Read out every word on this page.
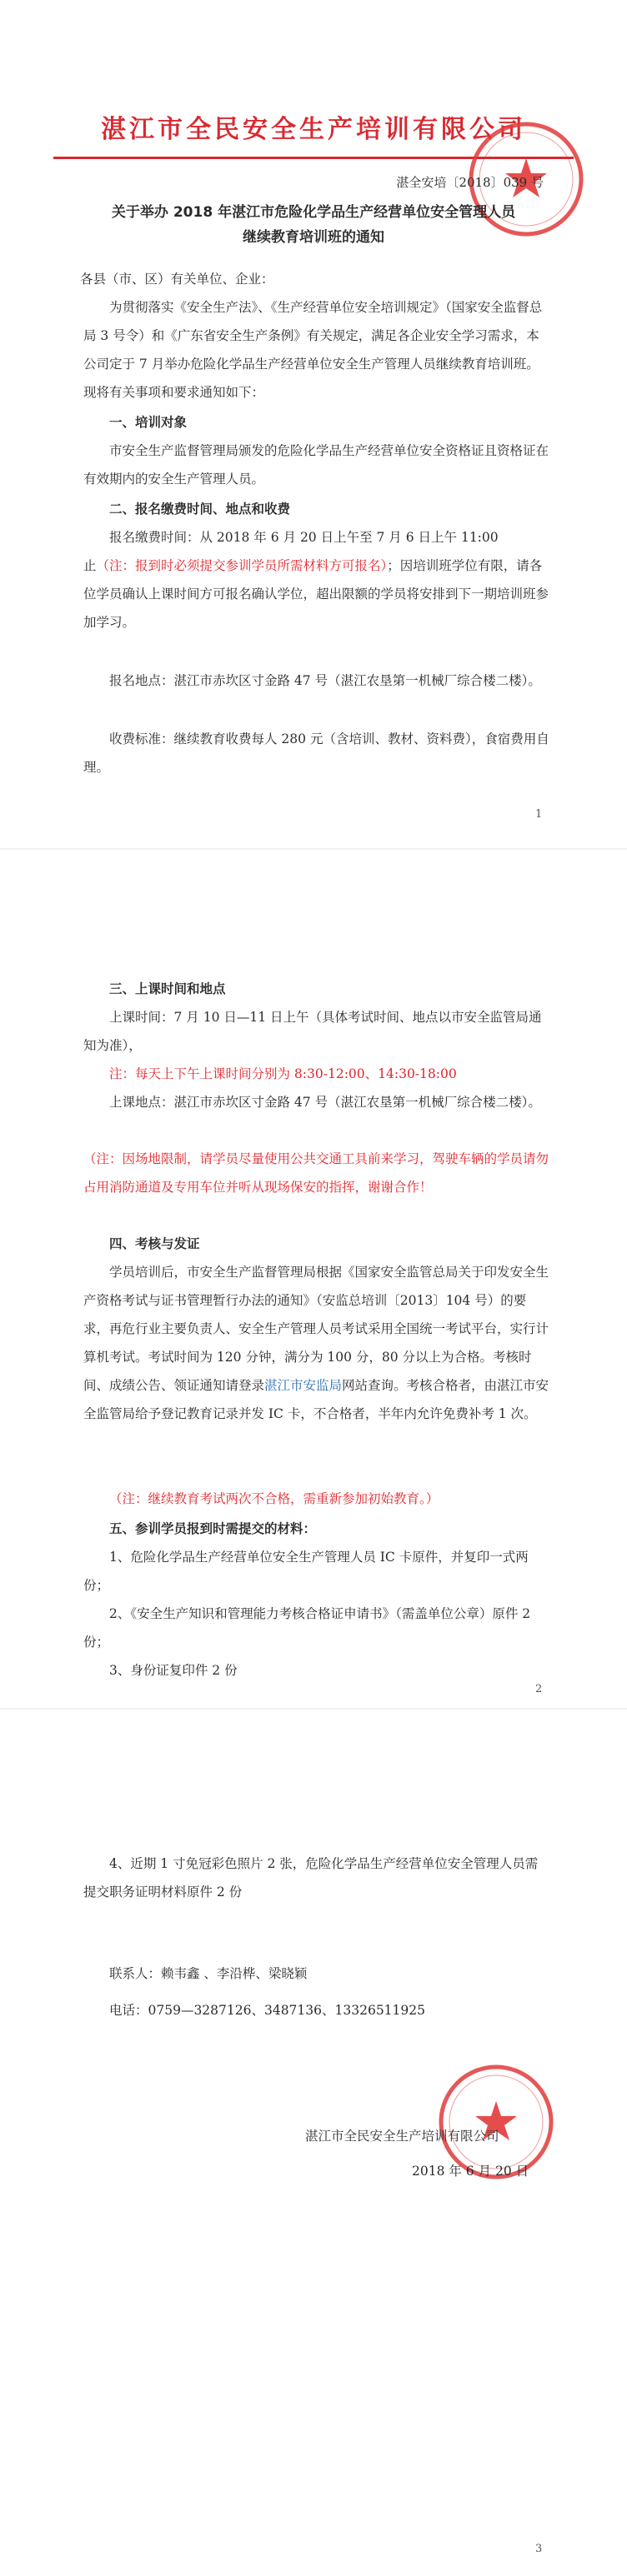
湛江市全民安全生产培训有限公司
湛全安培〔2018〕039 号
关于举办 2018 年湛江市危险化学品生产经营单位安全管理人员
继续教育培训班的通知
各县（市、区）有关单位、企业：
为贯彻落实《安全生产法》、《生产经营单位安全培训规定》（国家安全监督总局 3 号令）和《广东省安全生产条例》有关规定，满足各企业安全学习需求，本公司定于 7 月举办危险化学品生产经营单位安全生产管理人员继续教育培训班。现将有关事项和要求通知如下：
一、培训对象
市安全生产监督管理局颁发的危险化学品生产经营单位安全资格证且资格证在有效期内的安全生产管理人员。
二、报名缴费时间、地点和收费
报名缴费时间：从 2018 年 6 月 20 日上午至 7 月 6 日上午 11:00
止（注：报到时必须提交参训学员所需材料方可报名）；因培训班学位有限，请各位学员确认上课时间方可报名确认学位，超出限额的学员将安排到下一期培训班参加学习。
报名地点：湛江市赤坎区寸金路 47 号（湛江农垦第一机械厂综合楼二楼）。
收费标准：继续教育收费每人 280 元（含培训、教材、资料费），食宿费用自理。
1
三、上课时间和地点
上课时间：7 月 10 日—11 日上午（具体考试时间、地点以市安全监管局通知为准），
注：每天上下午上课时间分别为 8:30-12:00、14:30-18:00
上课地点：湛江市赤坎区寸金路 47 号（湛江农垦第一机械厂综合楼二楼）。
（注：因场地限制，请学员尽量使用公共交通工具前来学习，驾驶车辆的学员请勿占用消防通道及专用车位并听从现场保安的指挥，谢谢合作！
四、考核与发证
学员培训后，市安全生产监督管理局根据《国家安全监管总局关于印发安全生产资格考试与证书管理暂行办法的通知》（安监总培训〔2013〕104 号）的要求，再危行业主要负责人、安全生产管理人员考试采用全国统一考试平台，实行计算机考试。考试时间为 120 分钟，满分为 100 分，80 分以上为合格。考核时间、成绩公告、领证通知请登录湛江市安监局网站查询。考核合格者，由湛江市安全监管局给予登记教育记录并发 IC 卡，不合格者，半年内允许免费补考 1 次。
（注：继续教育考试两次不合格，需重新参加初始教育。）
五、参训学员报到时需提交的材料：
1、危险化学品生产经营单位安全生产管理人员 IC 卡原件，并复印一式两份；
2、《安全生产知识和管理能力考核合格证申请书》（需盖单位公章）原件 2 份；
3、身份证复印件 2 份
2
4、近期 1 寸免冠彩色照片 2 张，危险化学品生产经营单位安全管理人员需提交职务证明材料原件 2 份
联系人：赖韦鑫 、李沿桦、梁晓颖
电话：0759—3287126、3487136、13326511925
湛江市全民安全生产培训有限公司
2018 年 6 月 20 日
3
